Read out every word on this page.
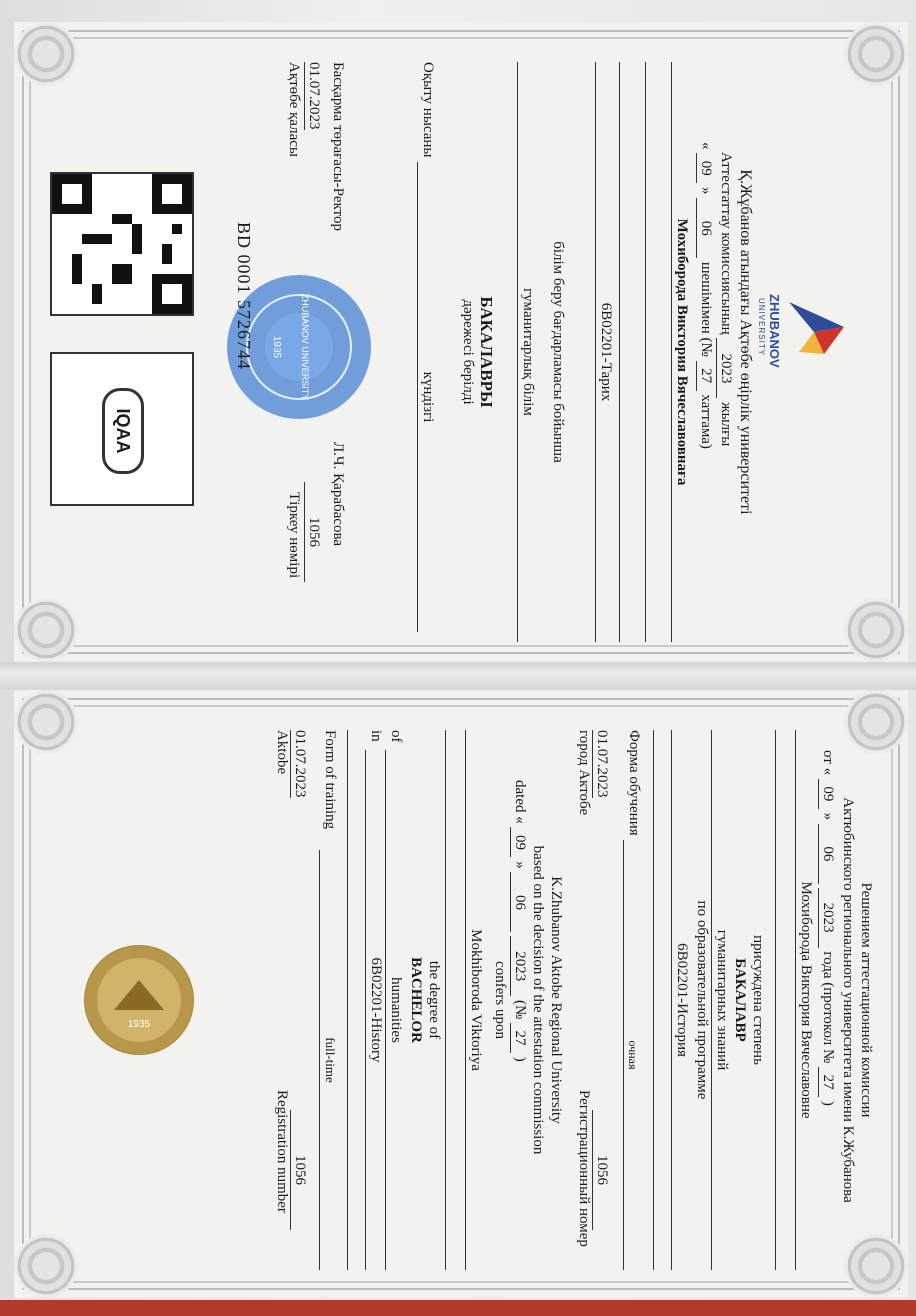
ZHUBANOV
UNIVERSITY
Қ.Жұбанов атындағы Ақтөбе өңірлік университеті
Аттестаттау комиссиясының 2023 жылғы
« 09 » 06 шешімімен (№ 27 хаттама)
Мохиборода Виктория Вячеславовнаға
6В02201-Тарих
білім беру бағдарламасы бойынша
гуманитарлық білім
БАКАЛАВРЫ
дәрежесі берілді
Оқыту нысаны
күндізгі
Басқарма төрағасы-Ректор
Л.Ч. Қарабасова
01.07.2023
Ақтөбе қаласы
1056
Тіркеу нөмірі
ZHUBANOV UNIVERSITY
1935
BD 0001 5726744
IQAA
Решением аттестационной комиссии
Актюбинского регионального университета имени К.Жубанова
от « 09 » 06 2023 года (протокол № 27 )
Мохиборода Виктория Вячеславовне
присуждена степень
БАКАЛАВР
гуманитарных знаний
по образовательной программе
6В02201-История
Форма обучения
очная
01.07.2023
город Актобе
1056
Регистрационный номер
K.Zhubanov Aktobe Regional University
based on the decision of the attestation commission
dated « 09 » 06 2023 (№ 27 )
confers upon
Mokhiboroda Viktoriya
the degree of
BACHELOR
of
humanities
in
6B02201-History
Form of training
full-time
01.07.2023
Aktobe
1056
Registration number
1935
